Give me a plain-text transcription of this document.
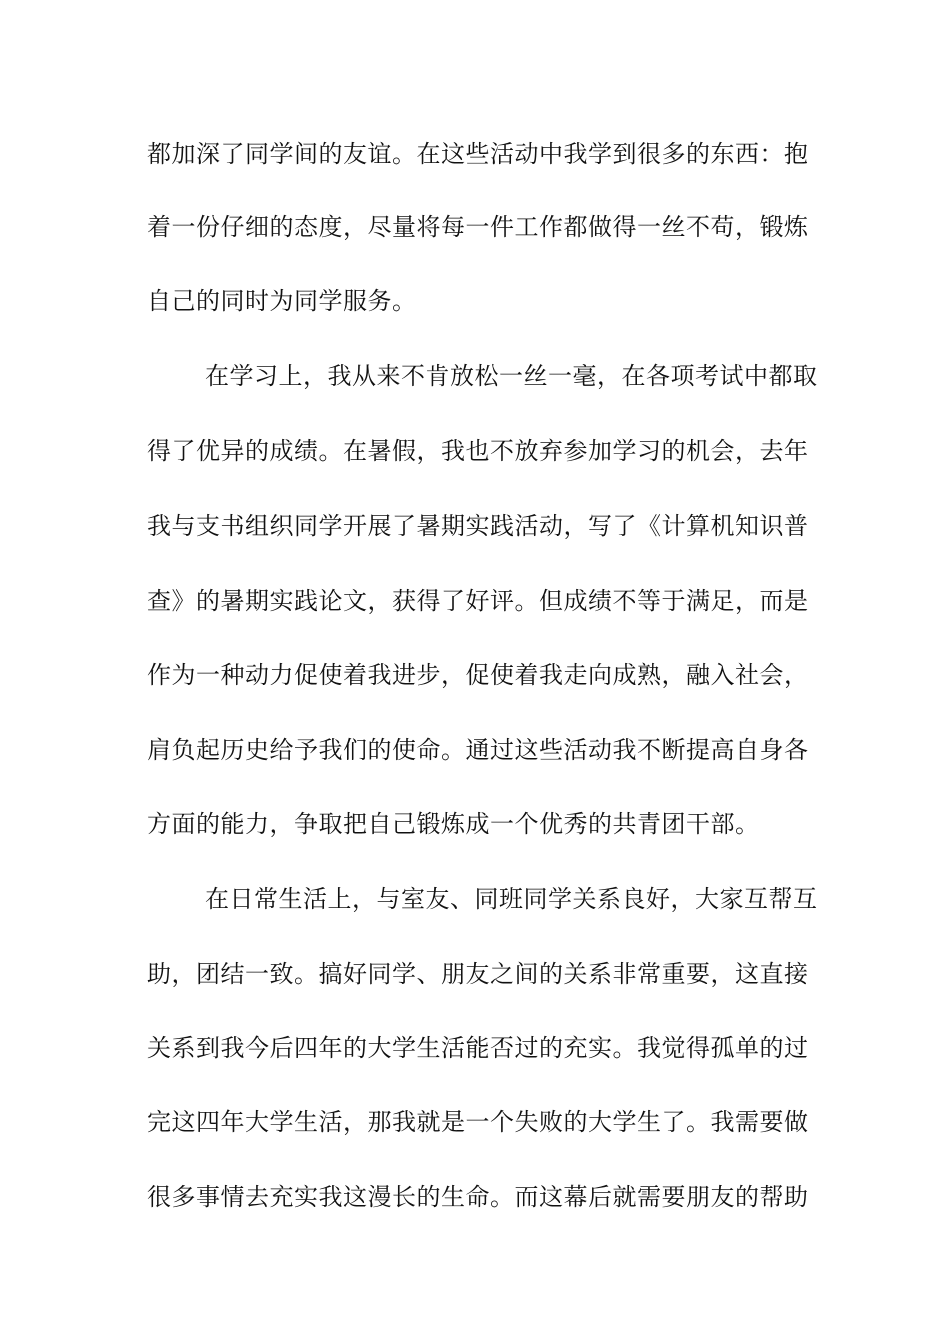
都加深了同学间的友谊。在这些活动中我学到很多的东西：抱
着一份仔细的态度，尽量将每一件工作都做得一丝不苟，锻炼
自己的同时为同学服务。
在学习上，我从来不肯放松一丝一毫，在各项考试中都取
得了优异的成绩。在暑假，我也不放弃参加学习的机会，去年
我与支书组织同学开展了暑期实践活动，写了《计算机知识普
查》的暑期实践论文，获得了好评。但成绩不等于满足，而是
作为一种动力促使着我进步，促使着我走向成熟，融入社会，
肩负起历史给予我们的使命。通过这些活动我不断提高自身各
方面的能力，争取把自己锻炼成一个优秀的共青团干部。
在日常生活上，与室友、同班同学关系良好，大家互帮互
助，团结一致。搞好同学、朋友之间的关系非常重要，这直接
关系到我今后四年的大学生活能否过的充实。我觉得孤单的过
完这四年大学生活，那我就是一个失败的大学生了。我需要做
很多事情去充实我这漫长的生命。而这幕后就需要朋友的帮助
